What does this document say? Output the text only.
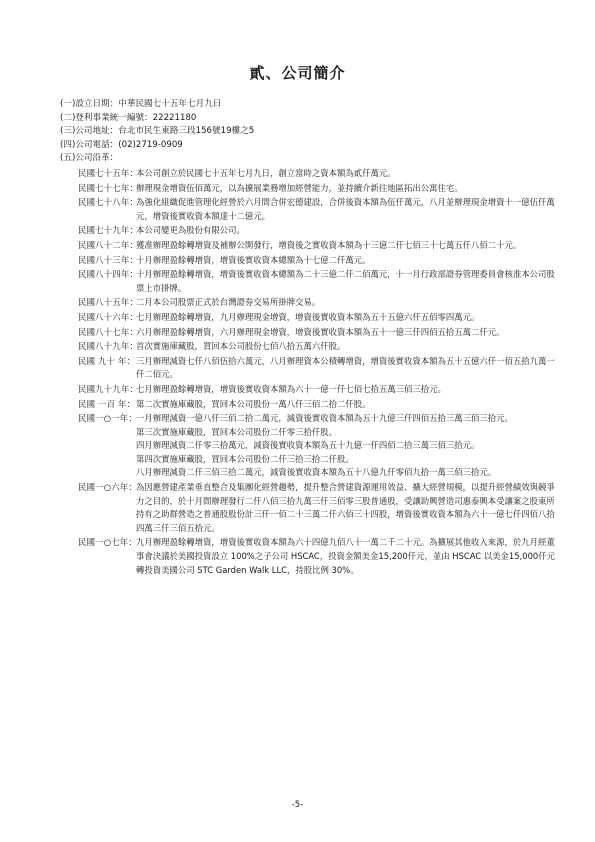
貳、公司簡介
(一)設立日期：中華民國七十五年七月九日
(二)登利事業統一編號：22221180
(三)公司地址：台北市民生東路三段156號19樓之5
(四)公司電話：(02)2719-0909
(五)公司沿革：
民國七十五年：
本公司創立於民國七十五年七月九日，創立當時之資本額為貳仟萬元。
民國七十七年：
辦理現金增資伍佰萬元，以為擴展業務增加經營能力，並持續介新往地區拓出公寓住宅。
民國七十八年：
為強化組織促進管理化經營於六月間合併宏德建設，合併後資本額為伍仟萬元，八月並辦理現金增資十一億伍仟萬元，增資後實收資本額達十二億元。
民國七十九年：
本公司變更為股份有限公司。
民國八十二年：
獲准辦理盈餘轉增資及補辦公開發行，增資後之實收資本額為十三億二仟七佰三十七萬五仟八佰二十元。
民國八十三年：
十月辦理盈餘轉增資，增資後實收資本總額為十七億二仟萬元。
民國八十四年：
十月辦理盈餘轉增資，增資後實收資本總額為二十三億二仟二佰萬元，十一月行政部證券管理委員會核准本公司股票上市掛牌。
民國八十五年：
二月本公司股票正式於台灣證券交易所掛牌交易。
民國八十六年：
七月辦理盈餘轉增資，九月辦理現金增資，增資後實收資本額為五十五億六仟五佰零四萬元。
民國八十七年：
六月辦理盈餘轉增資，六月辦理現金增資，增資後實收資本額為五十一億三仟四佰五拾五萬二仟元。
民國八十九年：
首次實施庫藏股，買回本公司股份七佰八拾五萬六仟股。
民國 九十 年： 三月辦理減資七仟八佰伍拾六萬元，八月辦理資本公積轉增資，增資後實收資本額為五十五億六仟一佰五拾九萬一仟二佰元。
民國九十九年：
七月辦理盈餘轉增資，增資後實收資本額為六十一億一仟七佰七拾五萬三佰三拾元。
民國 一百 年： 第二次實施庫藏股，買回本公司股份一萬八仟三佰二拾二仟股。
民國一○一年： 一月辦理減資一億八仟三佰二拾二萬元，減資後實收資本額為五十九億三仟四佰五拾三萬三佰三拾元。
第三次實施庫藏股，買回本公司股份二仟零三拾仟股。
四月辦理減資二仟零三拾萬元，減資後實收資本額為五十九億一仟四佰二拾三萬三佰三拾元。
第四次實施庫藏股，買回本公司股份二仟三拾三拾二仟股。
八月辦理減資二仟三佰三拾二萬元，減資後實收資本額為五十八億九仟零佰九拾一萬三佰三拾元。
民國一○六年： 為因應營建產業垂直整合及集團化經營趨勢，提升整合營建資源運用效益、擴大經營規模，以提升經營績效與競爭力之目的，於十月間辦理發行二仟八佰三拾九萬三仟三佰零三股普通股，受讓助興營造司惠泰興本受讓案之股東所持有之助群營造之普通股股份計三仟一佰二十三萬二仟六佰三十四股，增資後實收資本額為六十一億七仟四佰八拾四萬三仟三佰五拾元。
民國一○七年： 九月辦理盈餘轉增資，增資後實收資本額為六十四億九佰八十一萬二千二十元。為擴展其他收入來源，於九月經董事會決議於美國投資設立 100%之子公司 HSCAC，投資金額美金15,200仟元，並由 HSCAC 以美金15,000仟元轉投資美國公司 STC Garden Walk LLC，持股比例 30%。
-5-
